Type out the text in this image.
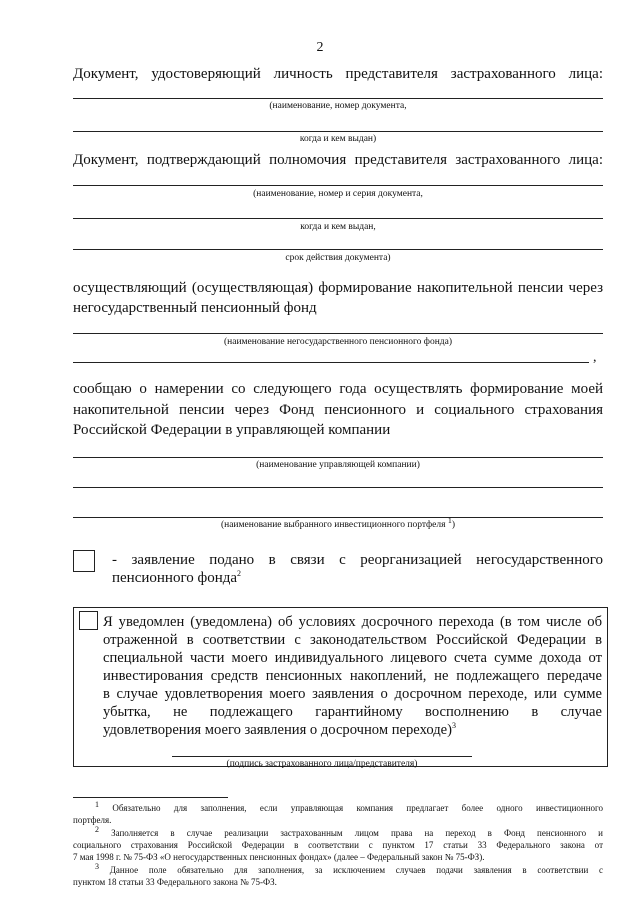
2
Документ, удостоверяющий личность представителя застрахованного лица:
(наименование, номер документа,
когда и кем выдан)
Документ, подтверждающий полномочия представителя застрахованного лица:
(наименование, номер и серия документа,
когда и кем выдан,
срок действия документа)
осуществляющий (осуществляющая) формирование накопительной пенсии через
негосударственный пенсионный фонд
(наименование негосударственного пенсионного фонда)
,
сообщаю о намерении со следующего года осуществлять формирование моей
накопительной пенсии через Фонд пенсионного и социального страхования
Российской Федерации в управляющей компании
(наименование управляющей компании)
(наименование выбранного инвестиционного портфеля $^1$)
- заявление подано в связи с реорганизацией негосударственного
пенсионного фонда$^2$
Я уведомлен (уведомлена) об условиях досрочного перехода (в том числе об
отраженной в соответствии с законодательством Российской Федерации в
специальной части моего индивидуального лицевого счета сумме дохода от
инвестирования средств пенсионных накоплений, не подлежащего передаче
в случае удовлетворения моего заявления о досрочном переходе, или сумме
убытка, не подлежащего гарантийному восполнению в случае
удовлетворения моего заявления о досрочном переходе)$^3$
(подпись застрахованного лица/представителя)
$^1$ Обязательно для заполнения, если управляющая компания предлагает более одного инвестиционного
портфеля.
$^2$ Заполняется в случае реализации застрахованным лицом права на переход в Фонд пенсионного и
социального страхования Российской Федерации в соответствии с пунктом 17 статьи 33 Федерального закона от
7 мая 1998 г. № 75-ФЗ «О негосударственных пенсионных фондах» (далее – Федеральный закон № 75-ФЗ).
$^3$ Данное поле обязательно для заполнения, за исключением случаев подачи заявления в соответствии с
пунктом 18 статьи 33 Федерального закона № 75-ФЗ.
